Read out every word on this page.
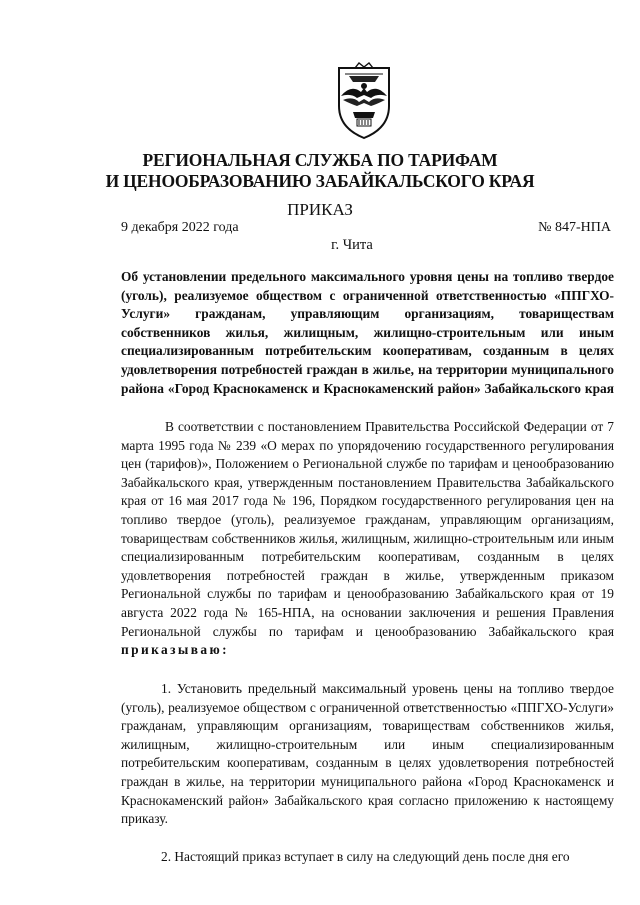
РЕГИОНАЛЬНАЯ СЛУЖБА ПО ТАРИФАМ
И ЦЕНООБРАЗОВАНИЮ ЗАБАЙКАЛЬСКОГО КРАЯ
ПРИКАЗ
9 декабря 2022 года	№ 847-НПА
г. Чита

Об установлении предельного максимального уровня цены на топливо твердое (уголь), реализуемое обществом с ограниченной ответственностью «ППГХО-Услуги» гражданам, управляющим организациям, товариществам собственников жилья, жилищным, жилищно-строительным или иным специализированным потребительским кооперативам, созданным в целях удовлетворения потребностей граждан в жилье, на территории муниципального района «Город Краснокаменск и Краснокаменский район» Забайкальского края

В соответствии с постановлением Правительства Российской Федерации от 7 марта 1995 года № 239 «О мерах по упорядочению государственного регулирования цен (тарифов)», Положением о Региональной службе по тарифам и ценообразованию Забайкальского края, утвержденным постановлением Правительства Забайкальского края от 16 мая 2017 года № 196, Порядком государственного регулирования цен на топливо твердое (уголь), реализуемое гражданам, управляющим организациям, товариществам собственников жилья, жилищным, жилищно-строительным или иным специализированным потребительским кооперативам, созданным в целях удовлетворения потребностей граждан в жилье, утвержденным приказом Региональной службы по тарифам и ценообразованию Забайкальского края от 19 августа 2022 года № 165-НПА, на основании заключения и решения Правления Региональной службы по тарифам и ценообразованию Забайкальского края приказываю:

1. Установить предельный максимальный уровень цены на топливо твердое (уголь), реализуемое обществом с ограниченной ответственностью «ППГХО-Услуги» гражданам, управляющим организациям, товариществам собственников жилья, жилищным, жилищно-строительным или иным специализированным потребительским кооперативам, созданным в целях удовлетворения потребностей граждан в жилье, на территории муниципального района «Город Краснокаменск и Краснокаменский район» Забайкальского края согласно приложению к настоящему приказу.

2. Настоящий приказ вступает в силу на следующий день после дня его
